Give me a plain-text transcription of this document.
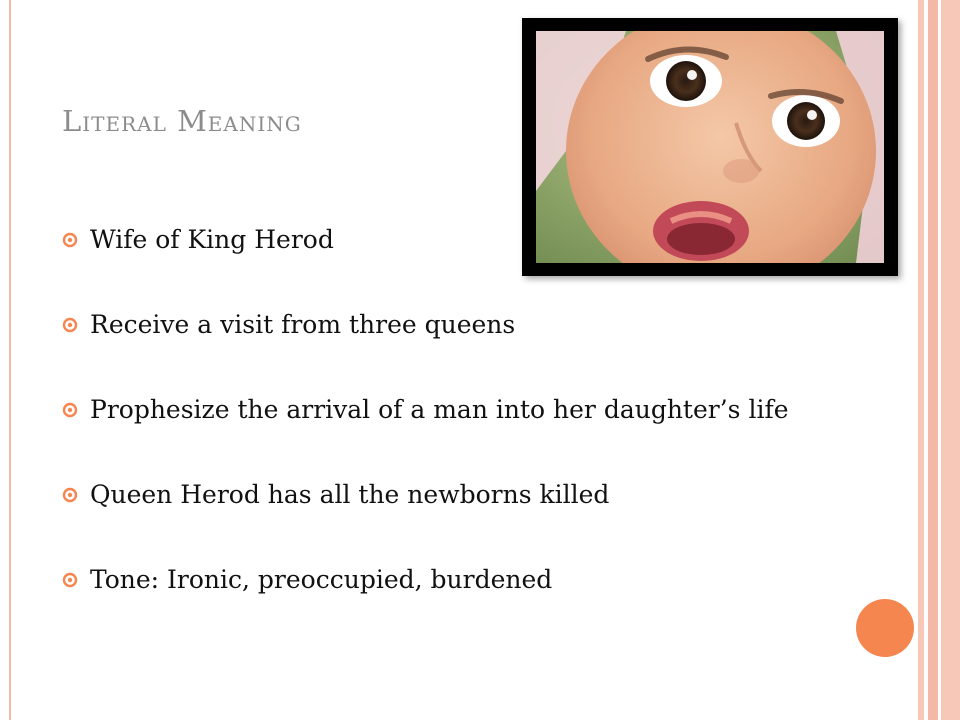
Literal Meaning
Wife of King Herod
Receive a visit from three queens
Prophesize the arrival of a man into her daughter’s life
Queen Herod has all the newborns killed
Tone: Ironic, preoccupied, burdened
